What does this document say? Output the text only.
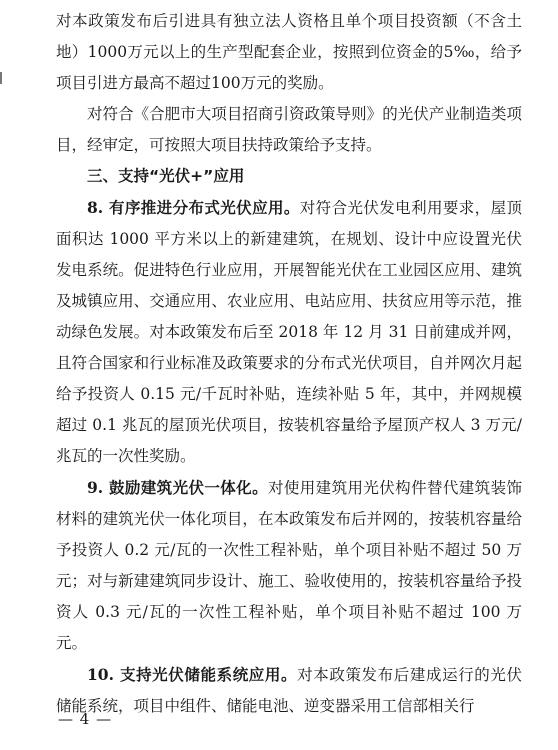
对本政策发布后引进具有独立法人资格且单个项目投资额（不含土地）1000万元以上的生产型配套企业，按照到位资金的5‰，给予项目引进方最高不超过100万元的奖励。

对符合《合肥市大项目招商引资政策导则》的光伏产业制造类项目，经审定，可按照大项目扶持政策给予支持。

三、支持“光伏+”应用

8. 有序推进分布式光伏应用。对符合光伏发电利用要求，屋顶面积达 1000 平方米以上的新建建筑，在规划、设计中应设置光伏发电系统。促进特色行业应用，开展智能光伏在工业园区应用、建筑及城镇应用、交通应用、农业应用、电站应用、扶贫应用等示范，推动绿色发展。对本政策发布后至 2018 年 12 月 31 日前建成并网，且符合国家和行业标准及政策要求的分布式光伏项目，自并网次月起给予投资人 0.15 元/千瓦时补贴，连续补贴 5 年，其中，并网规模超过 0.1 兆瓦的屋顶光伏项目，按装机容量给予屋顶产权人 3 万元/兆瓦的一次性奖励。

9. 鼓励建筑光伏一体化。对使用建筑用光伏构件替代建筑装饰材料的建筑光伏一体化项目，在本政策发布后并网的，按装机容量给予投资人 0.2 元/瓦的一次性工程补贴，单个项目补贴不超过 50 万元；对与新建建筑同步设计、施工、验收使用的，按装机容量给予投资人 0.3 元/瓦的一次性工程补贴，单个项目补贴不超过 100 万元。

10. 支持光伏储能系统应用。对本政策发布后建成运行的光伏储能系统，项目中组件、储能电池、逆变器采用工信部相关行

— 4 —
